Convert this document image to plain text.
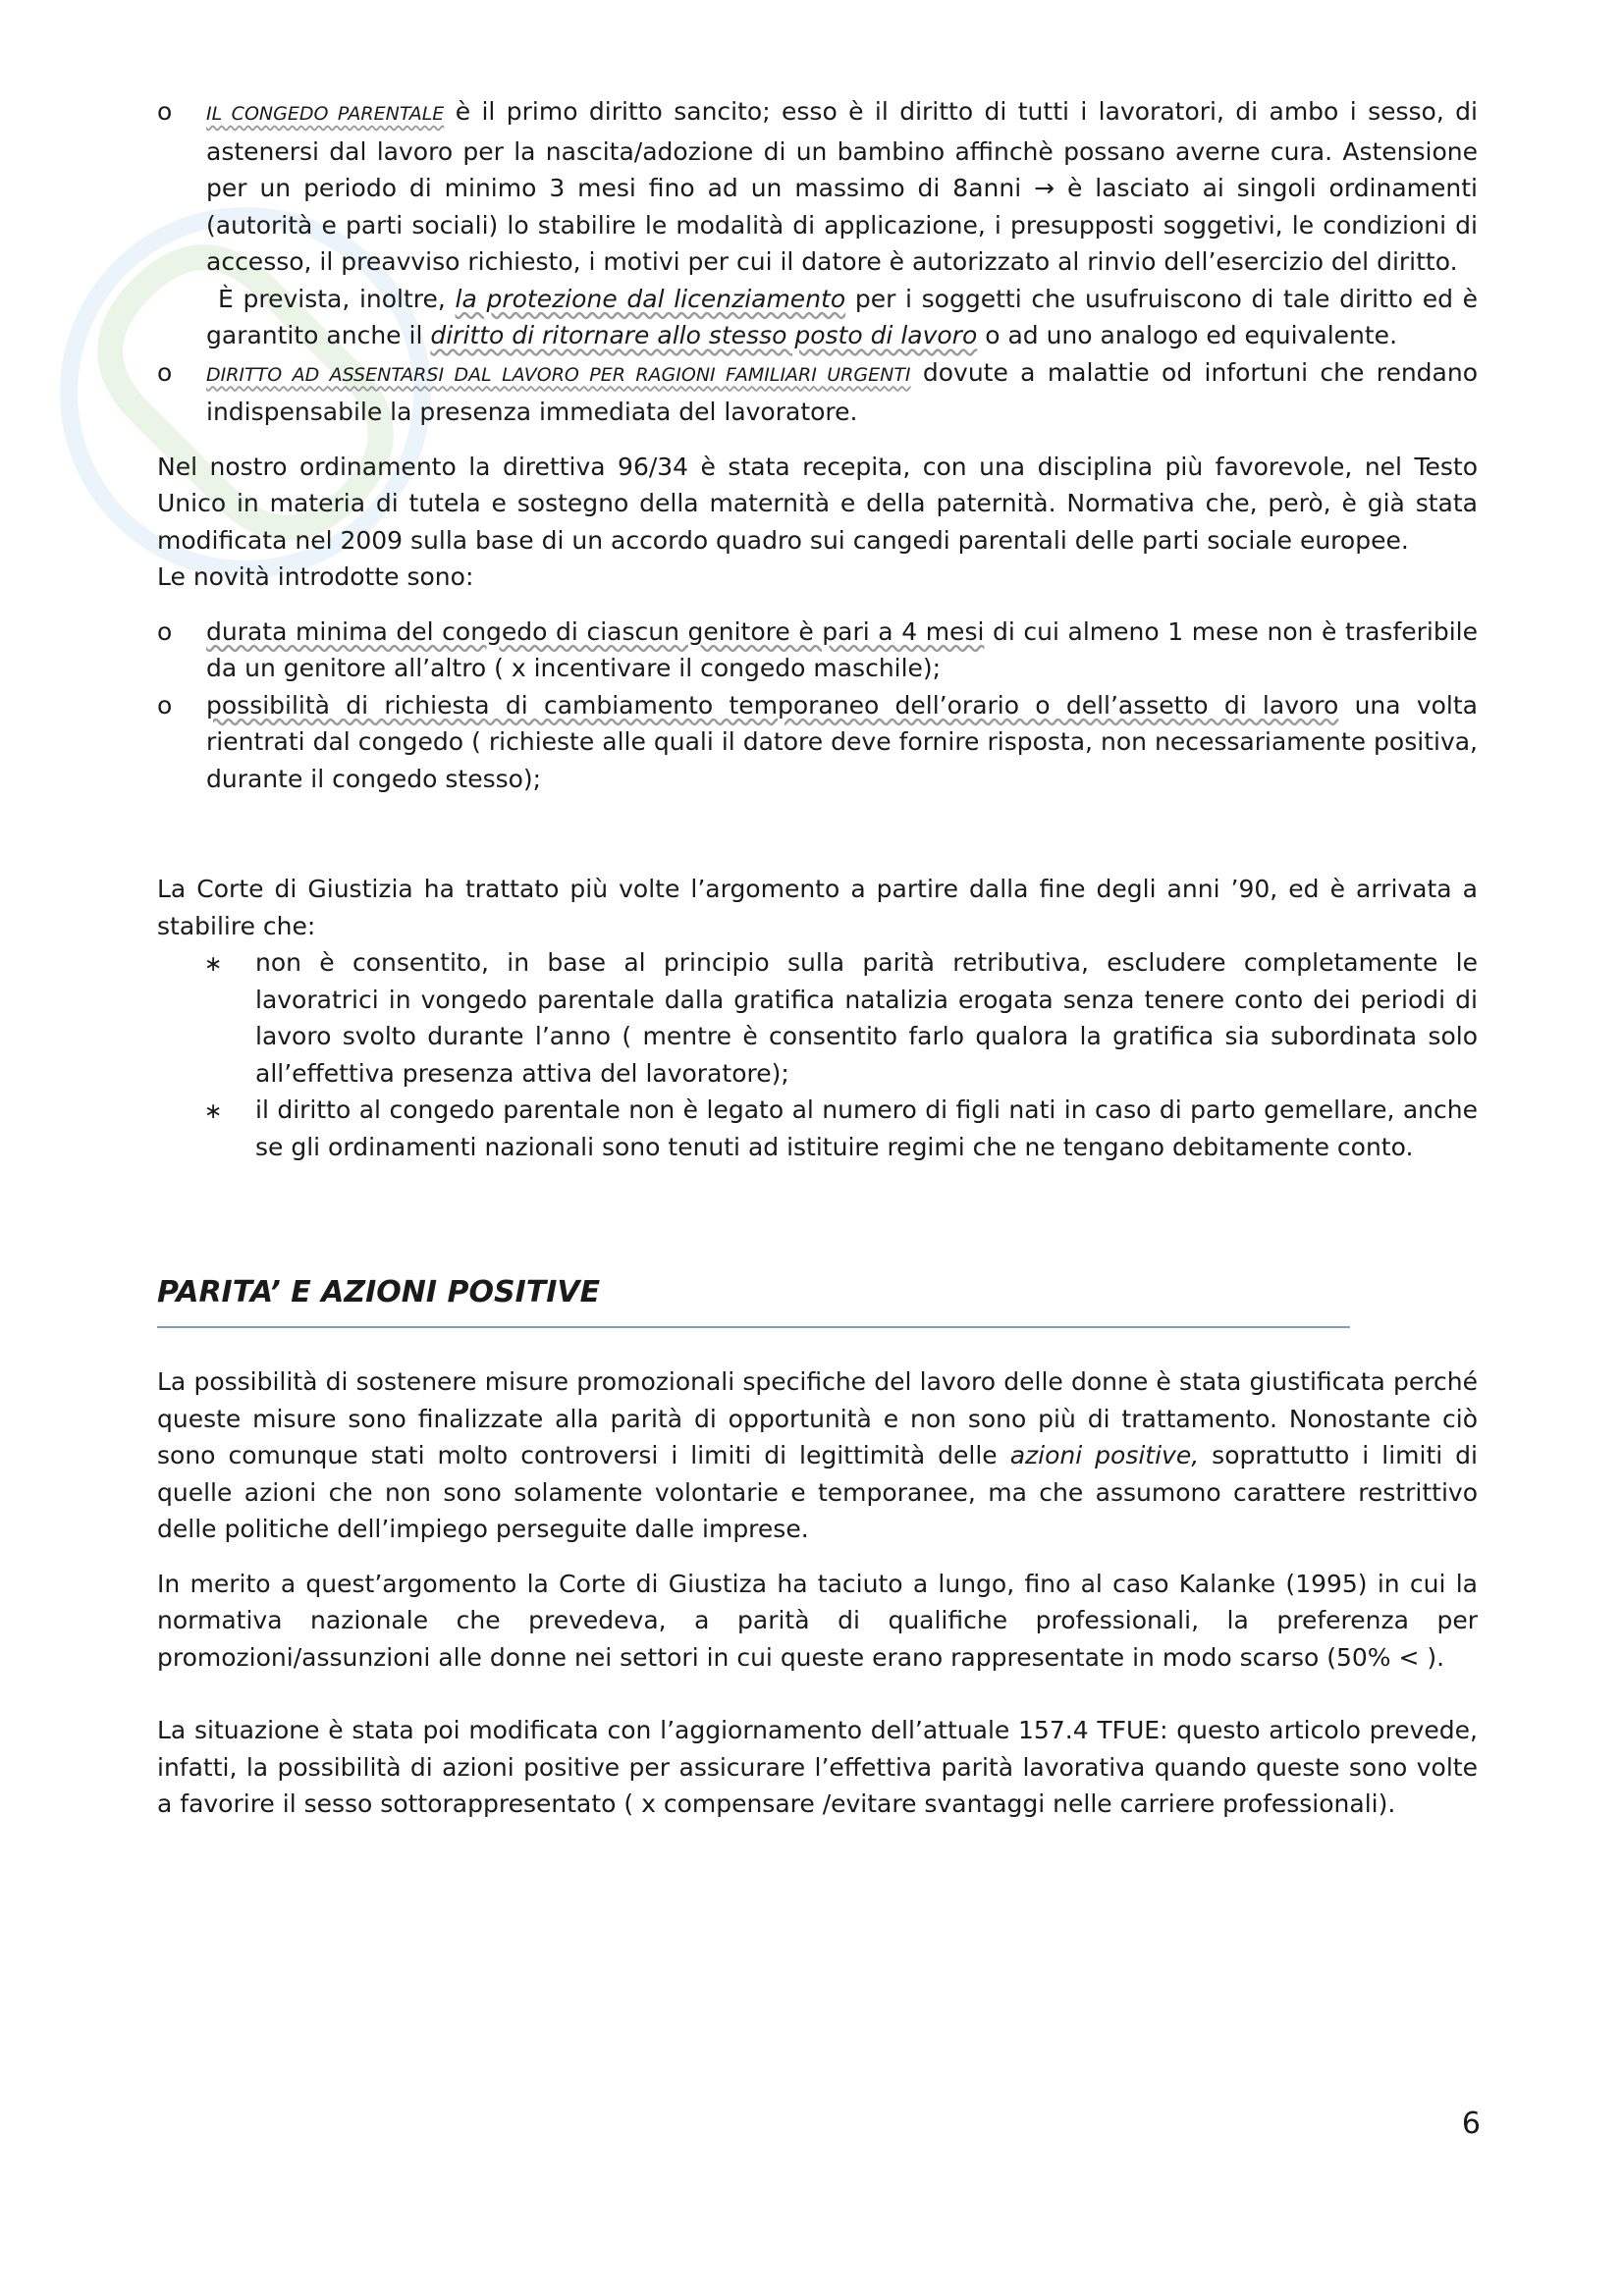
o IL CONGEDO PARENTALE è il primo diritto sancito; esso è il diritto di tutti i lavoratori, di ambo i sesso, di astenersi dal lavoro per la nascita/adozione di un bambino affinchè possano averne cura. Astensione per un periodo di minimo 3 mesi fino ad un massimo di 8anni → è lasciato ai singoli ordinamenti (autorità e parti sociali) lo stabilire le modalità di applicazione, i presupposti soggetivi, le condizioni di accesso, il preavviso richiesto, i motivi per cui il datore è autorizzato al rinvio dell’esercizio del diritto.
È prevista, inoltre, la protezione dal licenziamento per i soggetti che usufruiscono di tale diritto ed è garantito anche il diritto di ritornare allo stesso posto di lavoro o ad uno analogo ed equivalente.
o DIRITTO AD ASSENTARSI DAL LAVORO PER RAGIONI FAMILIARI URGENTI dovute a malattie od infortuni che rendano indispensabile la presenza immediata del lavoratore.

Nel nostro ordinamento la direttiva 96/34 è stata recepita, con una disciplina più favorevole, nel Testo Unico in materia di tutela e sostegno della maternità e della paternità. Normativa che, però, è già stata modificata nel 2009 sulla base di un accordo quadro sui cangedi parentali delle parti sociale europee.

Le novità introdotte sono:

o durata minima del congedo di ciascun genitore è pari a 4 mesi di cui almeno 1 mese non è trasferibile da un genitore all’altro ( x incentivare il congedo maschile);
o possibilità di richiesta di cambiamento temporaneo dell’orario o dell’assetto di lavoro una volta rientrati dal congedo ( richieste alle quali il datore deve fornire risposta, non necessariamente positiva, durante il congedo stesso);

La Corte di Giustizia ha trattato più volte l’argomento a partire dalla fine degli anni ’90, ed è arrivata a stabilire che:

∗ non è consentito, in base al principio sulla parità retributiva, escludere completamente le lavoratrici in vongedo parentale dalla gratifica natalizia erogata senza tenere conto dei periodi di lavoro svolto durante l’anno ( mentre è consentito farlo qualora la gratifica sia subordinata solo all’effettiva presenza attiva del lavoratore);
∗ il diritto al congedo parentale non è legato al numero di figli nati in caso di parto gemellare, anche se gli ordinamenti nazionali sono tenuti ad istituire regimi che ne tengano debitamente conto.
PARITA’ E AZIONI POSITIVE

La possibilità di sostenere misure promozionali specifiche del lavoro delle donne è stata giustificata perché queste misure sono finalizzate alla parità di opportunità e non sono più di trattamento. Nonostante ciò sono comunque stati molto controversi i limiti di legittimità delle azioni positive, soprattutto i limiti di quelle azioni che non sono solamente volontarie e temporanee, ma che assumono carattere restrittivo delle politiche dell’impiego perseguite dalle imprese.

In merito a quest’argomento la Corte di Giustiza ha taciuto a lungo, fino al caso Kalanke (1995) in cui la normativa nazionale che prevedeva, a parità di qualifiche professionali, la preferenza per promozioni/assunzioni alle donne nei settori in cui queste erano rappresentate in modo scarso (50% < ).

La situazione è stata poi modificata con l’aggiornamento dell’attuale 157.4 TFUE: questo articolo prevede, infatti, la possibilità di azioni positive per assicurare l’effettiva parità lavorativa quando queste sono volte a favorire il sesso sottorappresentato ( x compensare /evitare svantaggi nelle carriere professionali).

6
